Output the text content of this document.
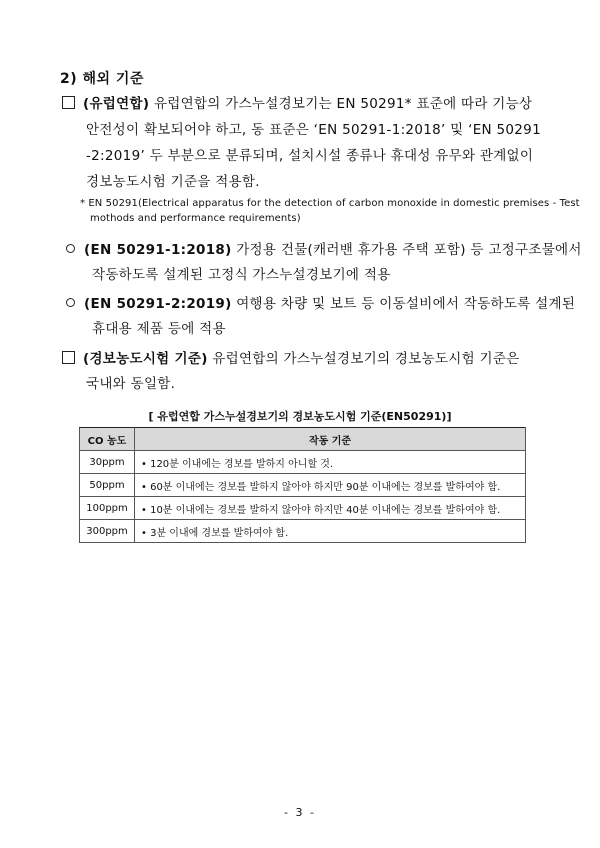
2) 해외 기준
(유럽연합) 유럽연합의 가스누설경보기는 EN 50291* 표준에 따라 기능상
안전성이 확보되어야 하고, 동 표준은 ‘EN 50291-1:2018’ 및 ‘EN 50291
-2:2019’ 두 부분으로 분류되며, 설치시설 종류나 휴대성 유무와 관계없이
경보농도시험 기준을 적용함.
* EN 50291(Electrical apparatus for the detection of carbon monoxide in domestic premises - Test
mothods and performance requirements)
(EN 50291-1:2018) 가정용 건물(캐러밴 휴가용 주택 포함) 등 고정구조물에서
작동하도록 설계된 고정식 가스누설경보기에 적용
(EN 50291-2:2019) 여행용 차량 및 보트 등 이동설비에서 작동하도록 설계된
휴대용 제품 등에 적용
(경보농도시험 기준) 유럽연합의 가스누설경보기의 경보농도시험 기준은
국내와 동일함.
[ 유럽연합 가스누설경보기의 경보농도시험 기준(EN50291)]
CO 농도	작동 기준
30ppm	• 120분 이내에는 경보를 발하지 아니할 것.
50ppm	• 60분 이내에는 경보를 발하지 않아야 하지만 90분 이내에는 경보를 발하여야 함.
100ppm	• 10분 이내에는 경보를 발하지 않아야 하지만 40분 이내에는 경보를 발하여야 함.
300ppm	• 3분 이내에 경보를 발하여야 함.
- 3 -
